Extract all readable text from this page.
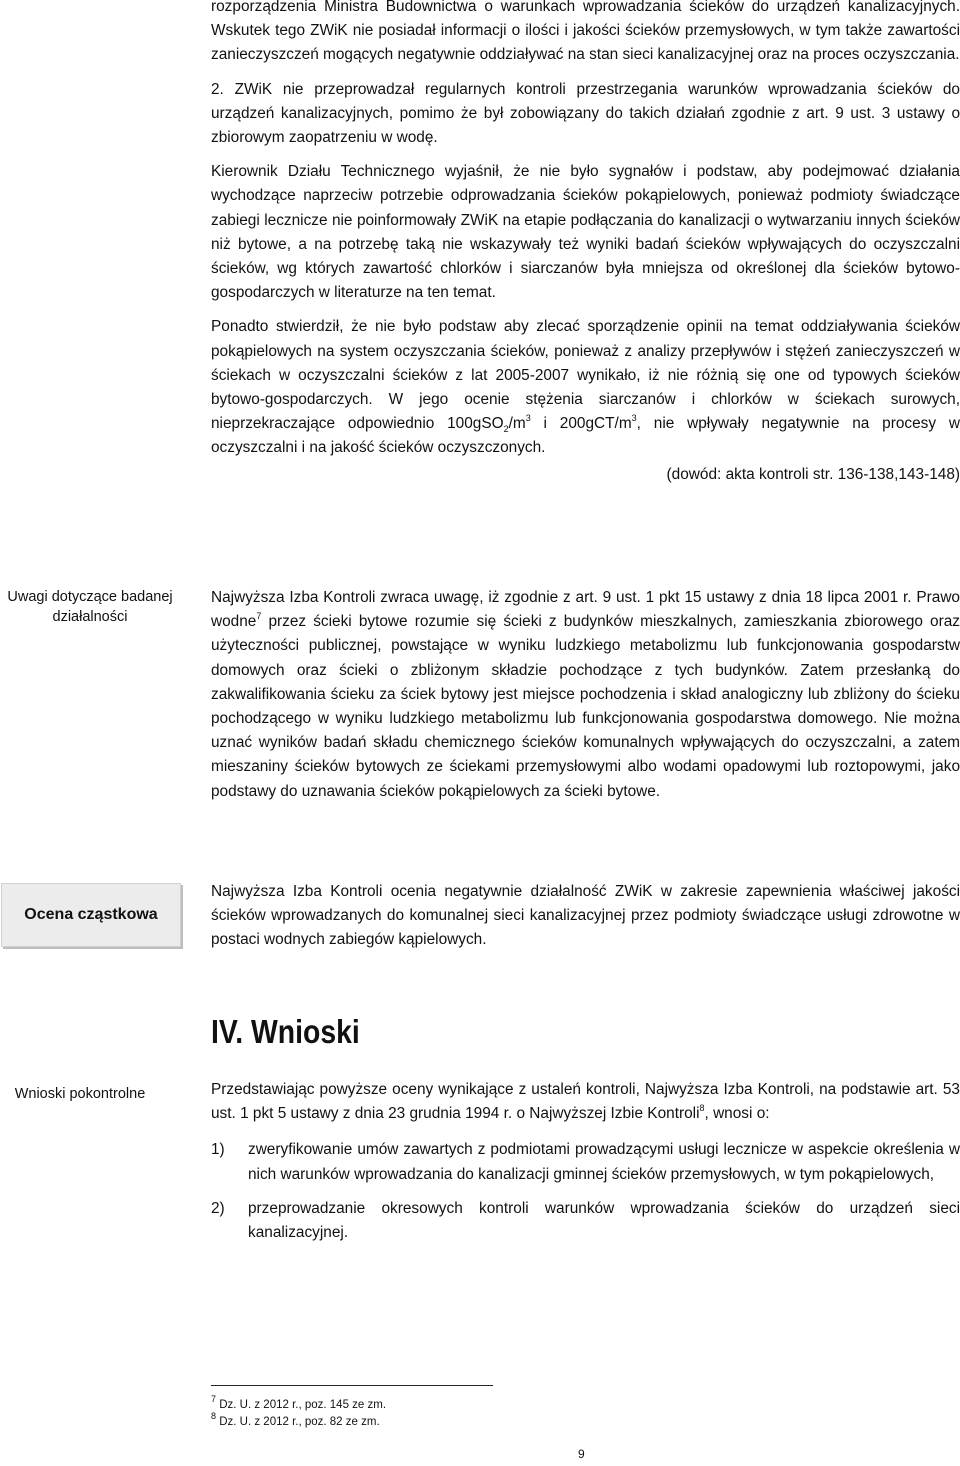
rozporządzenia Ministra Budownictwa o warunkach wprowadzania ścieków do urządzeń kanalizacyjnych. Wskutek tego ZWiK nie posiadał informacji o ilości i jakości ścieków przemysłowych, w tym także zawartości zanieczyszczeń mogących negatywnie oddziaływać na stan sieci kanalizacyjnej oraz na proces oczyszczania.

2. ZWiK nie przeprowadzał regularnych kontroli przestrzegania warunków wprowadzania ścieków do urządzeń kanalizacyjnych, pomimo że był zobowiązany do takich działań zgodnie z art. 9 ust. 3 ustawy o zbiorowym zaopatrzeniu w wodę.

Kierownik Działu Technicznego wyjaśnił, że nie było sygnałów i podstaw, aby podejmować działania wychodzące naprzeciw potrzebie odprowadzania ścieków pokąpielowych, ponieważ podmioty świadczące zabiegi lecznicze nie poinformowały ZWiK na etapie podłączania do kanalizacji o wytwarzaniu innych ścieków niż bytowe, a na potrzebę taką nie wskazywały też wyniki badań ścieków wpływających do oczyszczalni ścieków, wg których zawartość chlorków i siarczanów była mniejsza od określonej dla ścieków bytowo-gospodarczych w literaturze na ten temat.

Ponadto stwierdził, że nie było podstaw aby zlecać sporządzenie opinii na temat oddziaływania ścieków pokąpielowych na system oczyszczania ścieków, ponieważ z analizy przepływów i stężeń zanieczyszczeń w ściekach w oczyszczalni ścieków z lat 2005-2007 wynikało, iż nie różnią się one od typowych ścieków bytowo-gospodarczych. W jego ocenie stężenia siarczanów i chlorków w ściekach surowych, nieprzekraczające odpowiednio $100gSO_2/m^3$ i $200gCT/m^3$, nie wpływały negatywnie na procesy w oczyszczalni i na jakość ścieków oczyszczonych.

(dowód: akta kontroli str. 136-138,143-148)

Uwagi dotyczące badanej działalności

Najwyższa Izba Kontroli zwraca uwagę, iż zgodnie z art. 9 ust. 1 pkt 15 ustawy z dnia 18 lipca 2001 r. Prawo wodne$^7$ przez ścieki bytowe rozumie się ścieki z budynków mieszkalnych, zamieszkania zbiorowego oraz użyteczności publicznej, powstające w wyniku ludzkiego metabolizmu lub funkcjonowania gospodarstw domowych oraz ścieki o zbliżonym składzie pochodzące z tych budynków. Zatem przesłanką do zakwalifikowania ścieku za ściek bytowy jest miejsce pochodzenia i skład analogiczny lub zbliżony do ścieku pochodzącego w wyniku ludzkiego metabolizmu lub funkcjonowania gospodarstwa domowego. Nie można uznać wyników badań składu chemicznego ścieków komunalnych wpływających do oczyszczalni, a zatem mieszaniny ścieków bytowych ze ściekami przemysłowymi albo wodami opadowymi lub roztopowymi, jako podstawy do uznawania ścieków pokąpielowych za ścieki bytowe.

Ocena cząstkowa

Najwyższa Izba Kontroli ocenia negatywnie działalność ZWiK w zakresie zapewnienia właściwej jakości ścieków wprowadzanych do komunalnej sieci kanalizacyjnej przez podmioty świadczące usługi zdrowotne w postaci wodnych zabiegów kąpielowych.

IV. Wnioski
Wnioski pokontrolne	Przedstawiając powyższe oceny wynikające z ustaleń kontroli, Najwyższa Izba Kontroli, na podstawie art. 53 ust. 1 pkt 5 ustawy z dnia 23 grudnia 1994 r. o Najwyższej Izbie Kontroli$^8$, wnosi o:

1)	zweryfikowanie umów zawartych z podmiotami prowadzącymi usługi lecznicze w aspekcie określenia w nich warunków wprowadzania do kanalizacji gminnej ścieków przemysłowych, w tym pokąpielowych,
2)	przeprowadzanie okresowych kontroli warunków wprowadzania ścieków do urządzeń sieci kanalizacyjnej.
$^7$ Dz. U. z 2012 r., poz. 145 ze zm.
$^8$ Dz. U. z 2012 r., poz. 82 ze zm.
9
